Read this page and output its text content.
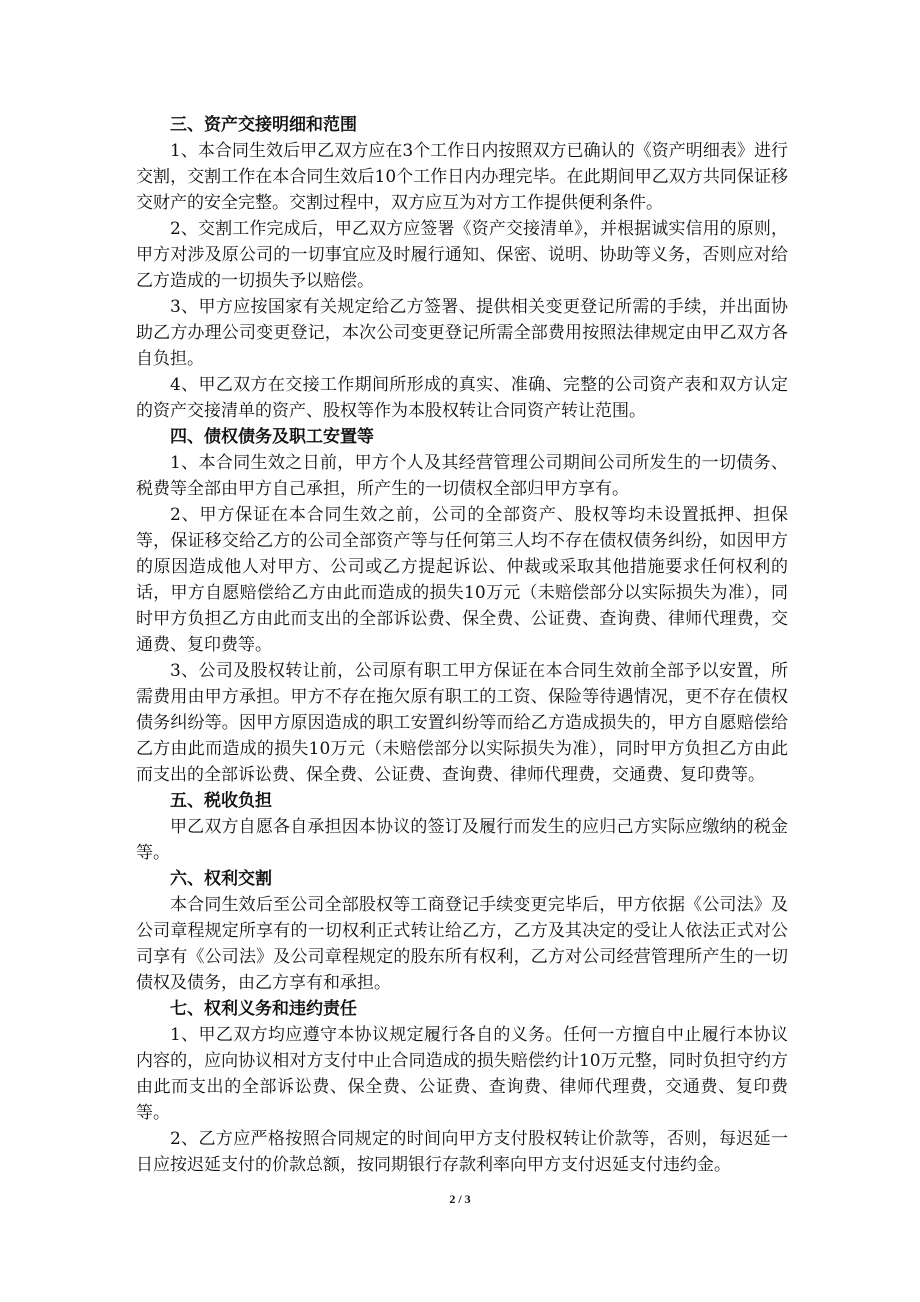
三、资产交接明细和范围

1、本合同生效后甲乙双方应在3个工作日内按照双方已确认的《资产明细表》进行交割，交割工作在本合同生效后10个工作日内办理完毕。在此期间甲乙双方共同保证移交财产的安全完整。交割过程中，双方应互为对方工作提供便利条件。

2、交割工作完成后，甲乙双方应签署《资产交接清单》，并根据诚实信用的原则，甲方对涉及原公司的一切事宜应及时履行通知、保密、说明、协助等义务，否则应对给乙方造成的一切损失予以赔偿。

3、甲方应按国家有关规定给乙方签署、提供相关变更登记所需的手续，并出面协助乙方办理公司变更登记，本次公司变更登记所需全部费用按照法律规定由甲乙双方各自负担。

4、甲乙双方在交接工作期间所形成的真实、准确、完整的公司资产表和双方认定的资产交接清单的资产、股权等作为本股权转让合同资产转让范围。

四、债权债务及职工安置等

1、本合同生效之日前，甲方个人及其经营管理公司期间公司所发生的一切债务、税费等全部由甲方自己承担，所产生的一切债权全部归甲方享有。

2、甲方保证在本合同生效之前，公司的全部资产、股权等均未设置抵押、担保等，保证移交给乙方的公司全部资产等与任何第三人均不存在债权债务纠纷，如因甲方的原因造成他人对甲方、公司或乙方提起诉讼、仲裁或采取其他措施要求任何权利的话，甲方自愿赔偿给乙方由此而造成的损失10万元（未赔偿部分以实际损失为准），同时甲方负担乙方由此而支出的全部诉讼费、保全费、公证费、查询费、律师代理费，交通费、复印费等。

3、公司及股权转让前，公司原有职工甲方保证在本合同生效前全部予以安置，所需费用由甲方承担。甲方不存在拖欠原有职工的工资、保险等待遇情况，更不存在债权债务纠纷等。因甲方原因造成的职工安置纠纷等而给乙方造成损失的，甲方自愿赔偿给乙方由此而造成的损失10万元（未赔偿部分以实际损失为准），同时甲方负担乙方由此而支出的全部诉讼费、保全费、公证费、查询费、律师代理费，交通费、复印费等。

五、税收负担

甲乙双方自愿各自承担因本协议的签订及履行而发生的应归己方实际应缴纳的税金等。

六、权利交割

本合同生效后至公司全部股权等工商登记手续变更完毕后，甲方依据《公司法》及公司章程规定所享有的一切权利正式转让给乙方，乙方及其决定的受让人依法正式对公司享有《公司法》及公司章程规定的股东所有权利，乙方对公司经营管理所产生的一切债权及债务，由乙方享有和承担。

七、权利义务和违约责任

1、甲乙双方均应遵守本协议规定履行各自的义务。任何一方擅自中止履行本协议内容的，应向协议相对方支付中止合同造成的损失赔偿约计10万元整，同时负担守约方由此而支出的全部诉讼费、保全费、公证费、查询费、律师代理费，交通费、复印费等。

2、乙方应严格按照合同规定的时间向甲方支付股权转让价款等，否则，每迟延一日应按迟延支付的价款总额，按同期银行存款利率向甲方支付迟延支付违约金。

2 / 3
